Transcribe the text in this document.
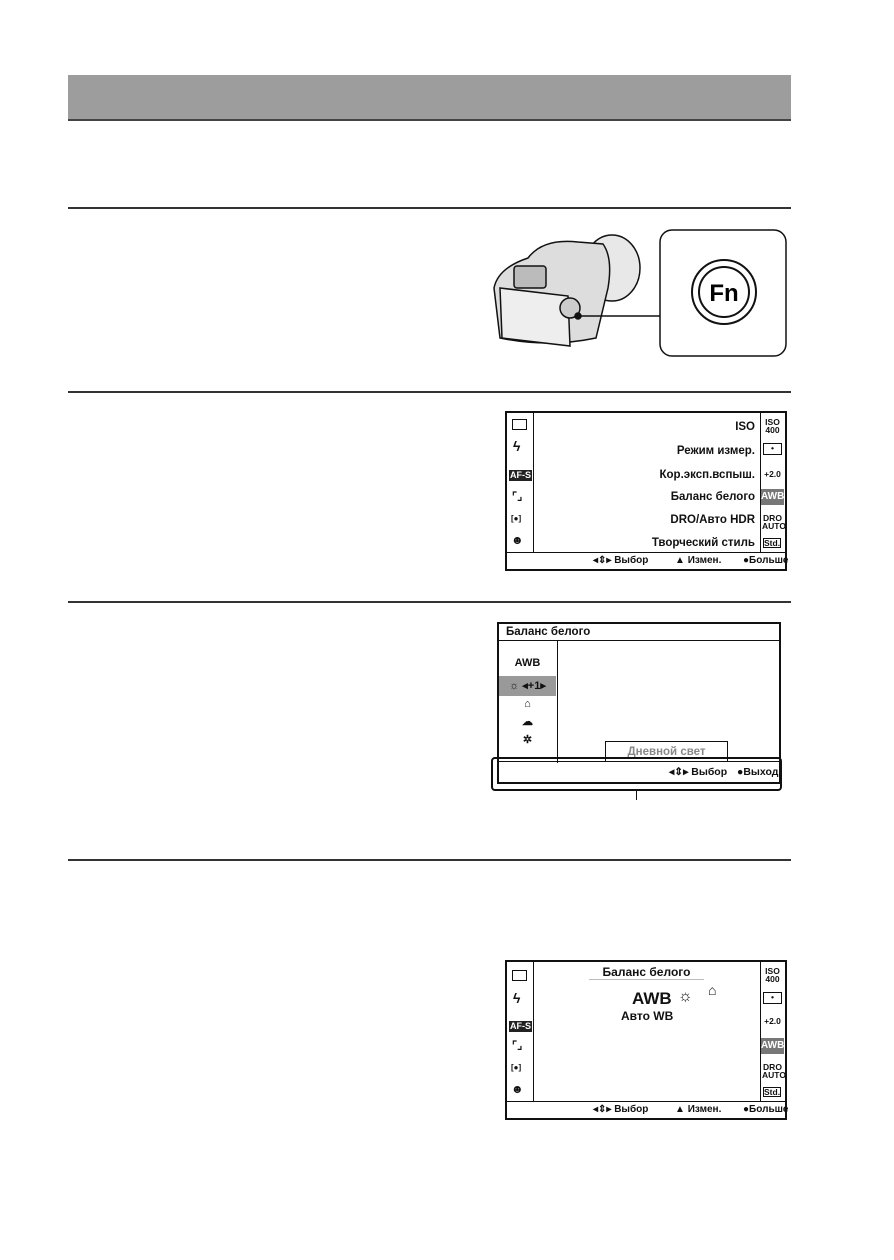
Fn
ϟ
AF-S
⌜⌟
[●]
☻
ISO
Режим измер.
Кор.эксп.вспыш.
Баланс белого
DRO/Авто HDR
Творческий стиль
ISO 400
•
+2.0
AWB
DRO AUTO
Std.
◂⇕▸ Выбор	▲ Измен. ●Больше
Баланс белого
AWB
☼ ◂+1▸
⌂
☁
✲
Дневной свет
◂⇕▸ Выбор ●Выход
ϟ
AF-S
⌜⌟
[●]
☻
Баланс белого
AWB ☼ ⌂
Авто WB
ISO 400
•
+2.0
AWB
DRO AUTO
Std.
◂⇕▸ Выбор	▲ Измен. ●Больше
